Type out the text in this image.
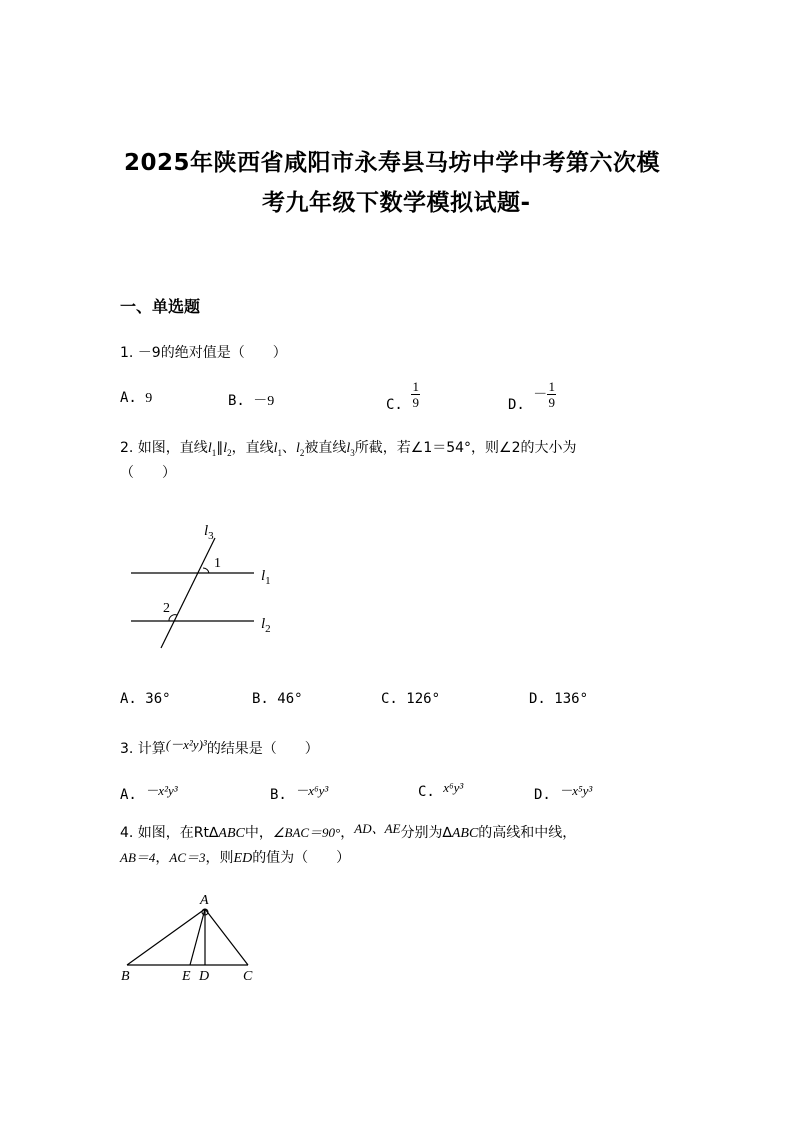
2025年陕西省咸阳市永寿县马坊中学中考第六次模
考九年级下数学模拟试题-
一、单选题
1. －9的绝对值是（　　）
A. 9	B. －9	C. $\frac{1}{9}$	D. － $\frac{1}{9}$
2. 如图，直线$l_1\parallel l_2$，直线$l_1$、$l_2$被直线$l_3$所截，若∠1＝54°，则∠2的大小为
（　　）
$l_3$
1
$l_1$
2
$l_2$
A. 36°	B. 46°	C. 126°	D. 136°
3. 计算(－x²y)³的结果是（　　）
A. －x²y³	B. －x⁶y³	C. x⁶y³	D. －x⁵y³
4. 如图，在Rt∆ABC中，∠BAC＝90°，AD、AE分别为∆ABC的高线和中线，
AB＝4，AC＝3，则ED的值为（　　）
A
B	E D C
